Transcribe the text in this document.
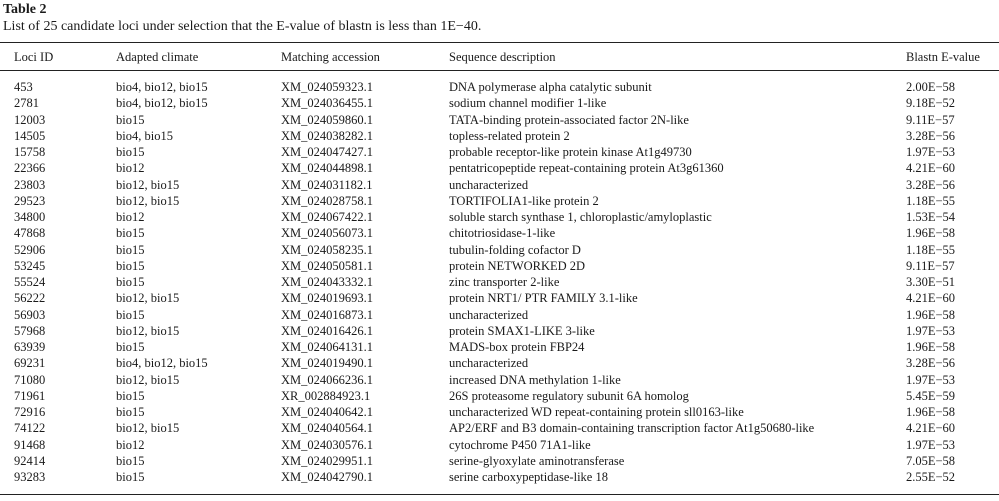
Table 2
List of 25 candidate loci under selection that the E-value of blastn is less than 1E−40.
Loci ID	Adapted climate	Matching accession	Sequence description	Blastn E-value
453	bio4, bio12, bio15	XM_024059323.1	DNA polymerase alpha catalytic subunit	2.00E−58
2781	bio4, bio12, bio15	XM_024036455.1	sodium channel modifier 1-like	9.18E−52
12003	bio15	XM_024059860.1	TATA-binding protein-associated factor 2N-like	9.11E−57
14505	bio4, bio15	XM_024038282.1	topless-related protein 2	3.28E−56
15758	bio15	XM_024047427.1	probable receptor-like protein kinase At1g49730	1.97E−53
22366	bio12	XM_024044898.1	pentatricopeptide repeat-containing protein At3g61360	4.21E−60
23803	bio12, bio15	XM_024031182.1	uncharacterized	3.28E−56
29523	bio12, bio15	XM_024028758.1	TORTIFOLIA1-like protein 2	1.18E−55
34800	bio12	XM_024067422.1	soluble starch synthase 1, chloroplastic/amyloplastic	1.53E−54
47868	bio15	XM_024056073.1	chitotriosidase-1-like	1.96E−58
52906	bio15	XM_024058235.1	tubulin-folding cofactor D	1.18E−55
53245	bio15	XM_024050581.1	protein NETWORKED 2D	9.11E−57
55524	bio15	XM_024043332.1	zinc transporter 2-like	3.30E−51
56222	bio12, bio15	XM_024019693.1	protein NRT1/ PTR FAMILY 3.1-like	4.21E−60
56903	bio15	XM_024016873.1	uncharacterized	1.96E−58
57968	bio12, bio15	XM_024016426.1	protein SMAX1-LIKE 3-like	1.97E−53
63939	bio15	XM_024064131.1	MADS-box protein FBP24	1.96E−58
69231	bio4, bio12, bio15	XM_024019490.1	uncharacterized	3.28E−56
71080	bio12, bio15	XM_024066236.1	increased DNA methylation 1-like	1.97E−53
71961	bio15	XR_002884923.1	26S proteasome regulatory subunit 6A homolog	5.45E−59
72916	bio15	XM_024040642.1	uncharacterized WD repeat-containing protein sll0163-like	1.96E−58
74122	bio12, bio15	XM_024040564.1	AP2/ERF and B3 domain-containing transcription factor At1g50680-like	4.21E−60
91468	bio12	XM_024030576.1	cytochrome P450 71A1-like	1.97E−53
92414	bio15	XM_024029951.1	serine-glyoxylate aminotransferase	7.05E−58
93283	bio15	XM_024042790.1	serine carboxypeptidase-like 18	2.55E−52
